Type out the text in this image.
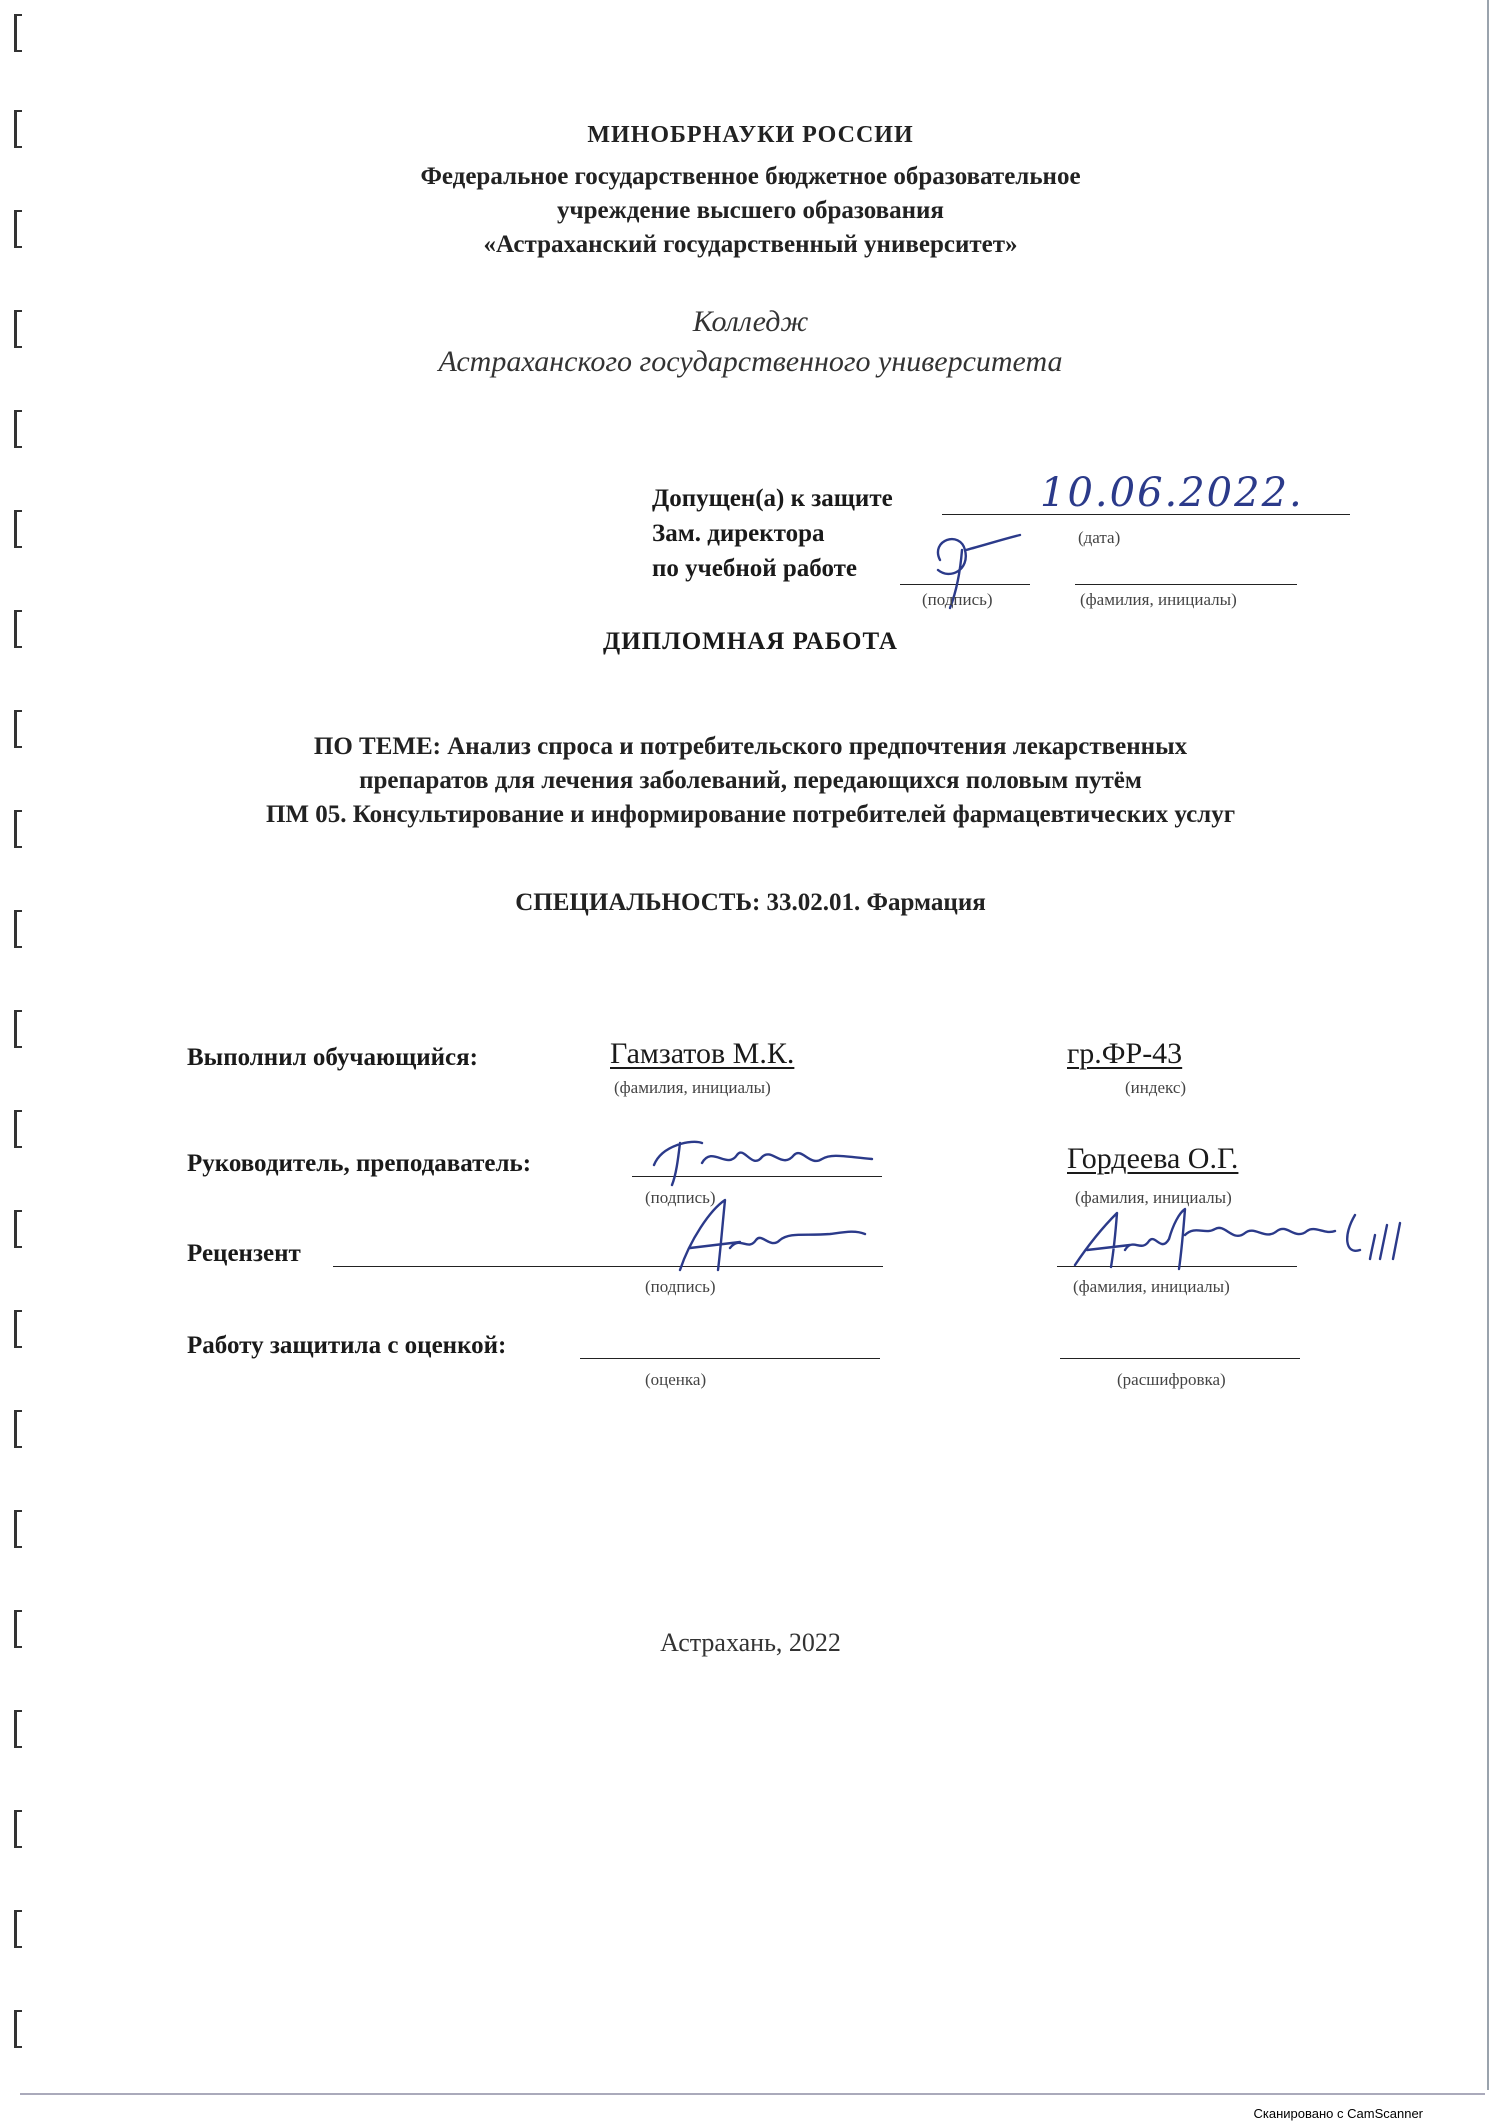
МИНОБРНАУКИ РОССИИ
Федеральное государственное бюджетное образовательное
учреждение высшего образования
«Астраханский государственный университет»
Колледж
Астраханского государственного университета
Допущен(а) к защите	10.06.2022.
(дата)
Зам. директора
по учебной работе
(подпись)	(фамилия, инициалы)
ДИПЛОМНАЯ РАБОТА
ПО ТЕМЕ: Анализ спроса и потребительского предпочтения лекарственных
препаратов для лечения заболеваний, передающихся половым путём
ПМ 05. Консультирование и информирование потребителей фармацевтических услуг
СПЕЦИАЛЬНОСТЬ: 33.02.01. Фармация
Выполнил обучающийся:	Гамзатов М.К.
(фамилия, инициалы)
гр.ФР-43
(индекс)
Руководитель, преподаватель:
(подпись)
Гордеева О.Г.
(фамилия, инициалы)
Рецензент
(подпись)	(фамилия, инициалы)
Работу защитила с оценкой:
(оценка)	(расшифровка)
Астрахань, 2022
Сканировано с CamScanner
